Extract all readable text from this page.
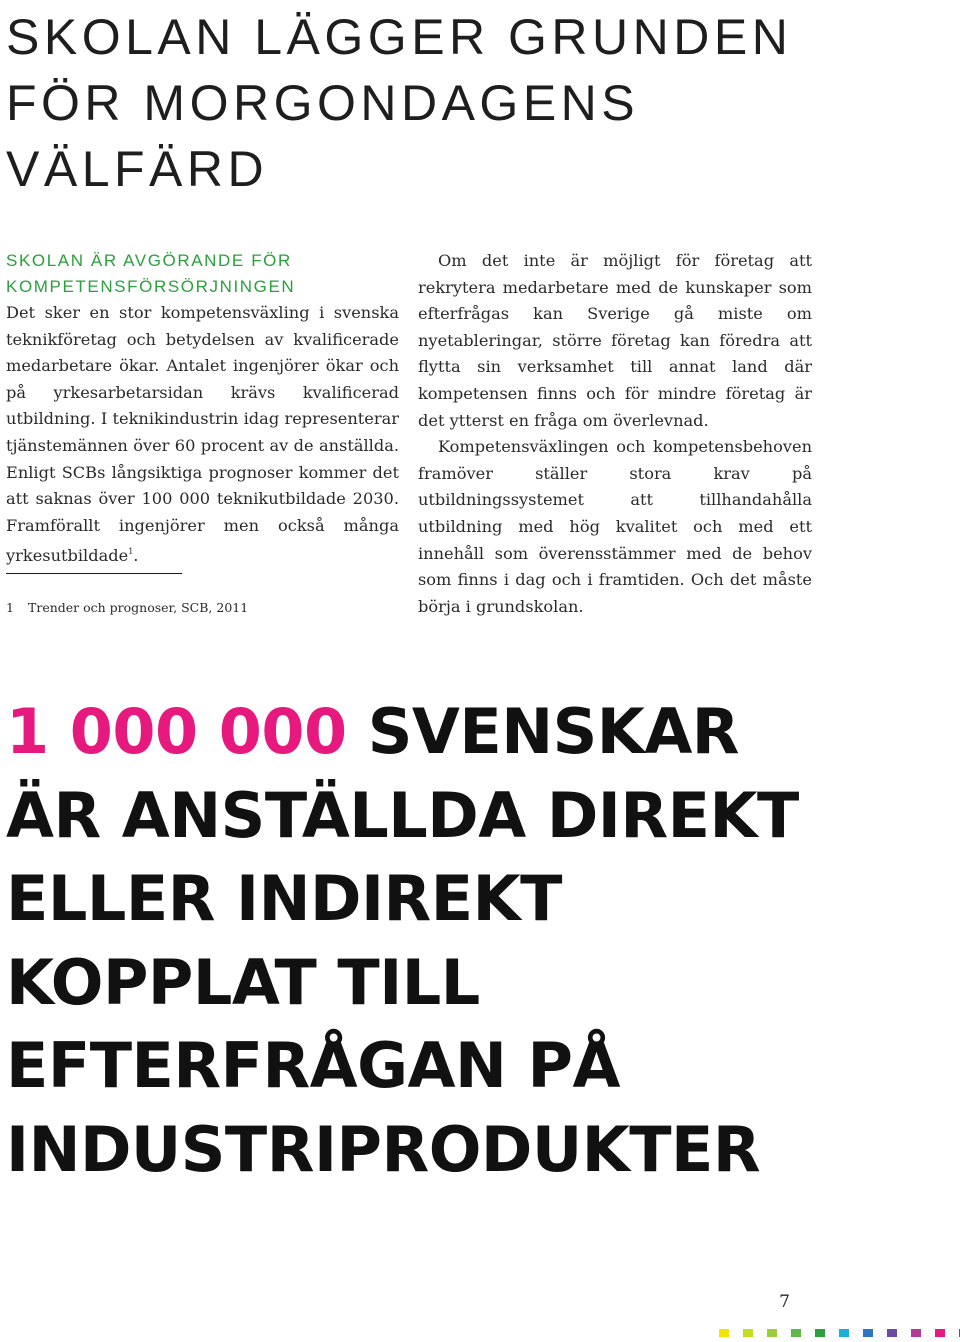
SKOLAN LÄGGER GRUNDEN
FÖR MORGONDAGENS
VÄLFÄRD
SKOLAN ÄR AVGÖRANDE FÖR
KOMPETENSFÖRSÖRJNINGEN

Det sker en stor kompetensväxling i svenska teknikföretag och betydelsen av kvalificerade medarbetare ökar. Antalet ingenjörer ökar och på yrkesarbetarsidan krävs kvalificerad utbildning. I teknikindustrin idag representerar tjänstemännen över 60 procent av de anställda. Enligt SCBs långsiktiga prognoser kommer det att saknas över 100 000 teknikutbildade 2030. Framförallt ingenjörer men också många yrkesutbildade$^1$.

Om det inte är möjligt för företag att rekrytera medarbetare med de kunskaper som efterfrågas kan Sverige gå miste om nyetableringar, större företag kan föredra att flytta sin verksamhet till annat land där kompetensen finns och för mindre företag är det ytterst en fråga om överlevnad.

Kompetensväxlingen och kompetensbehoven framöver ställer stora krav på utbildningssystemet att tillhandahålla utbildning med hög kvalitet och med ett innehåll som överensstämmer med de behov som finns i dag och i framtiden. Och det måste börja i grundskolan.

1 Trender och prognoser, SCB, 2011
1 000 000 SVENSKAR
ÄR ANSTÄLLDA DIREKT
ELLER INDIREKT
KOPPLAT TILL
EFTERFRÅGAN PÅ
INDUSTRIPRODUKTER
7
